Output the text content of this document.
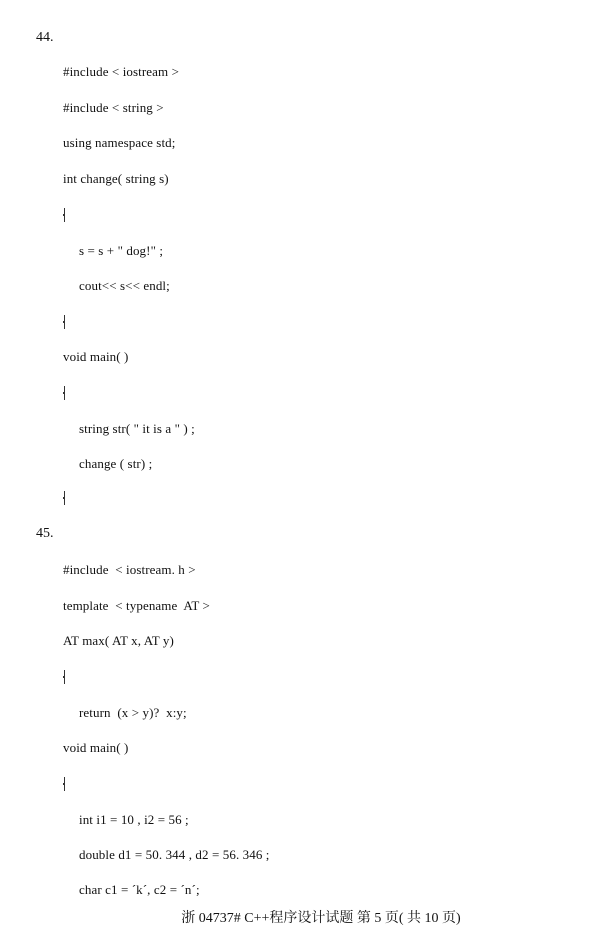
44.
#include < iostream >
#include < string >
using namespace std;
int change( string s)
s = s + " dog!" ;
cout<< s<< endl;
void main( )
string str( " it is a " ) ;
change ( str) ;
45.
#include  < iostream. h >
template  < typename  AT >
AT max( AT x, AT y)
return  (x > y)?  x:y;
void main( )
int i1 = 10 , i2 = 56 ;
double d1 = 50. 344 , d2 = 56. 346 ;
char c1 = ´k´, c2 = ´n´;
浙 04737# C++程序设计试题 第 5 页( 共 10 页)
